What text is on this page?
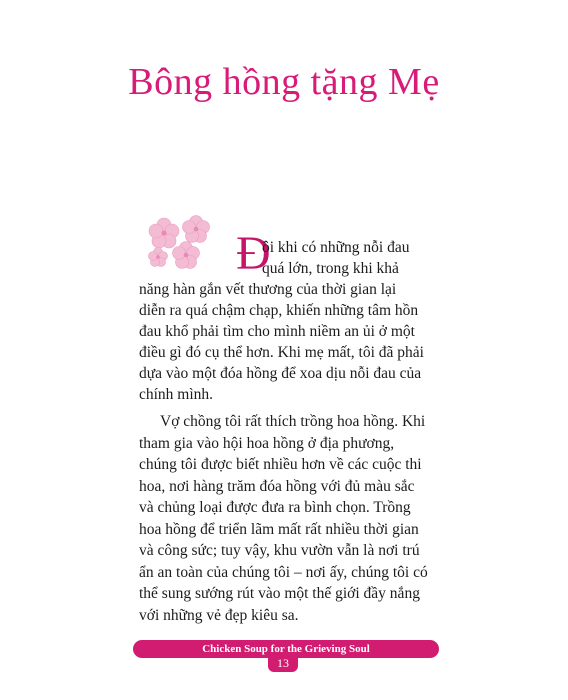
Bông hồng tặng Mẹ
Đ
ôi khi có những nỗi đau
quá lớn, trong khi khả
năng hàn gắn vết thương của thời gian lại
diễn ra quá chậm chạp, khiến những tâm hồn
đau khổ phải tìm cho mình niềm an ủi ở một
điều gì đó cụ thể hơn. Khi mẹ mất, tôi đã phải
dựa vào một đóa hồng để xoa dịu nỗi đau của
chính mình.
Vợ chồng tôi rất thích trồng hoa hồng. Khi
tham gia vào hội hoa hồng ở địa phương,
chúng tôi được biết nhiều hơn về các cuộc thi
hoa, nơi hàng trăm đóa hồng với đủ màu sắc
và chủng loại được đưa ra bình chọn. Trồng
hoa hồng để triển lãm mất rất nhiều thời gian
và công sức; tuy vậy, khu vườn vẫn là nơi trú
ẩn an toàn của chúng tôi – nơi ấy, chúng tôi có
thể sung sướng rút vào một thế giới đầy nắng
với những vẻ đẹp kiêu sa.
Chicken Soup for the Grieving Soul
13
